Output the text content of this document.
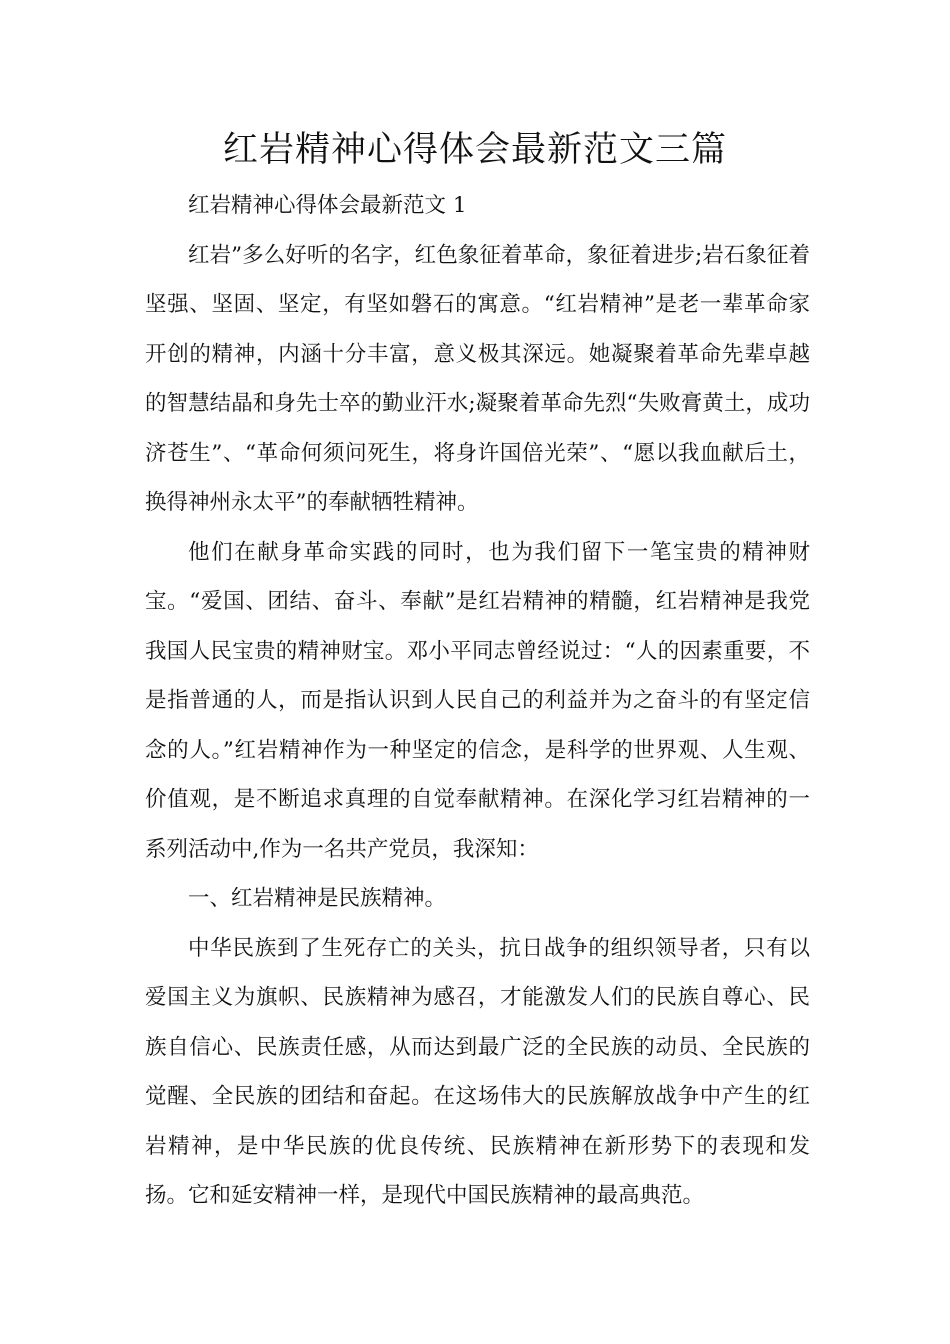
红岩精神心得体会最新范文三篇

红岩精神心得体会最新范文 1

红岩”多么好听的名字，红色象征着革命，象征着进步;岩石象征着坚强、坚固、坚定，有坚如磐石的寓意。“红岩精神”是老一辈革命家开创的精神，内涵十分丰富，意义极其深远。她凝聚着革命先辈卓越的智慧结晶和身先士卒的勤业汗水;凝聚着革命先烈“失败膏黄土，成功济苍生”、“革命何须问死生，将身许国倍光荣”、“愿以我血献后土，换得神州永太平”的奉献牺牲精神。

他们在献身革命实践的同时，也为我们留下一笔宝贵的精神财宝。“爱国、团结、奋斗、奉献”是红岩精神的精髓，红岩精神是我党我国人民宝贵的精神财宝。邓小平同志曾经说过：“人的因素重要，不是指普通的人，而是指认识到人民自己的利益并为之奋斗的有坚定信念的人。”红岩精神作为一种坚定的信念，是科学的世界观、人生观、价值观，是不断追求真理的自觉奉献精神。在深化学习红岩精神的一系列活动中,作为一名共产党员，我深知：

一、红岩精神是民族精神。

中华民族到了生死存亡的关头，抗日战争的组织领导者，只有以爱国主义为旗帜、民族精神为感召，才能激发人们的民族自尊心、民族自信心、民族责任感，从而达到最广泛的全民族的动员、全民族的觉醒、全民族的团结和奋起。在这场伟大的民族解放战争中产生的红岩精神，是中华民族的优良传统、民族精神在新形势下的表现和发扬。它和延安精神一样，是现代中国民族精神的最高典范。
